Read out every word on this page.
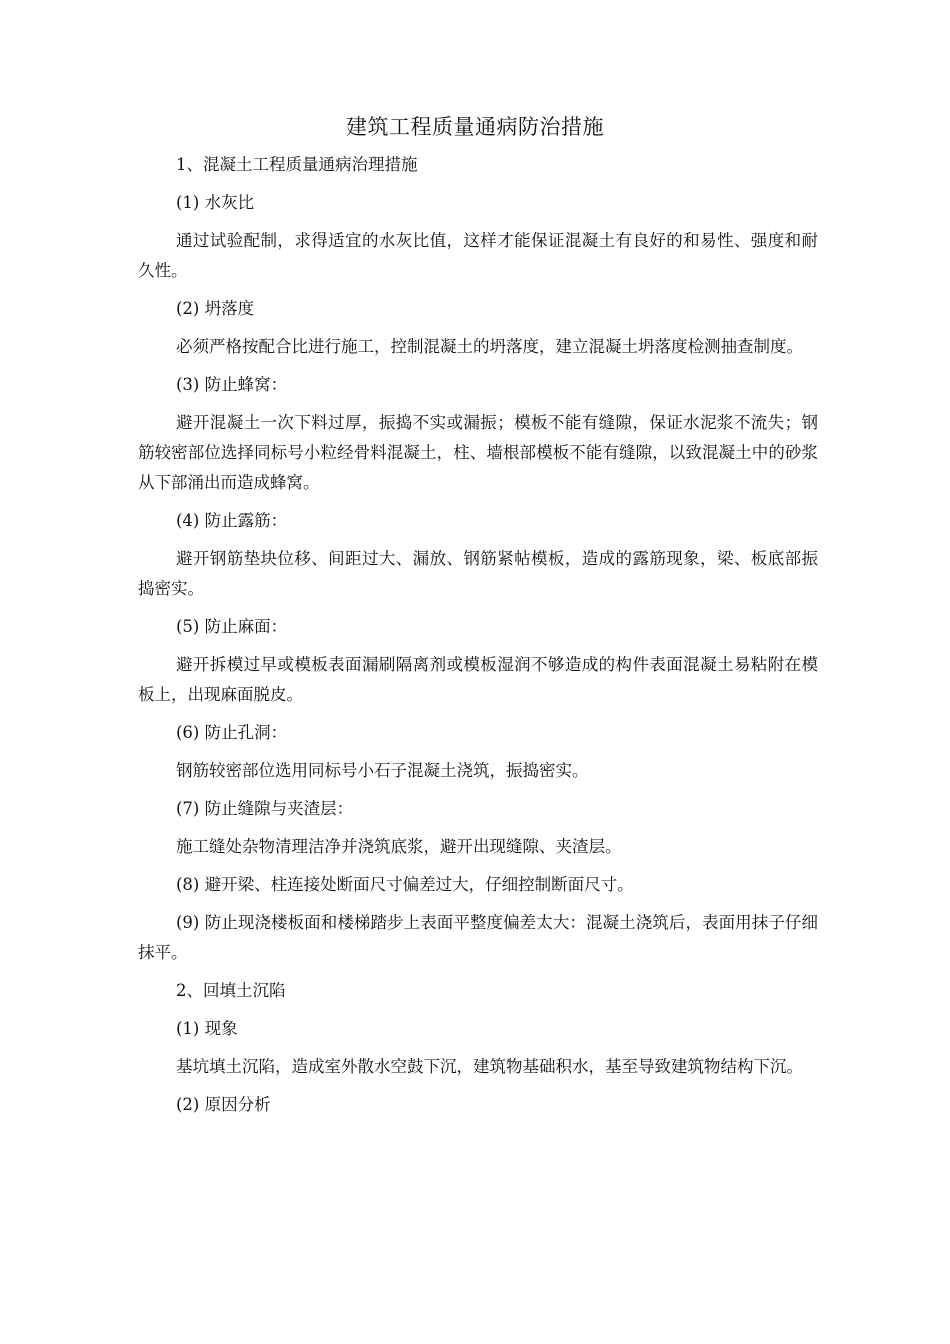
建筑工程质量通病防治措施

1、混凝土工程质量通病治理措施

(1) 水灰比

通过试验配制，求得适宜的水灰比值，这样才能保证混凝土有良好的和易性、强度和耐久性。

(2) 坍落度

必须严格按配合比进行施工，控制混凝土的坍落度，建立混凝土坍落度检测抽查制度。

(3) 防止蜂窝：

避开混凝土一次下料过厚，振捣不实或漏振；模板不能有缝隙，保证水泥浆不流失；钢筋较密部位选择同标号小粒经骨料混凝土，柱、墙根部模板不能有缝隙，以致混凝土中的砂浆从下部涌出而造成蜂窝。

(4) 防止露筋：

避开钢筋垫块位移、间距过大、漏放、钢筋紧帖模板，造成的露筋现象，梁、板底部振捣密实。

(5) 防止麻面：

避开拆模过早或模板表面漏刷隔离剂或模板湿润不够造成的构件表面混凝土易粘附在模板上，出现麻面脱皮。

(6) 防止孔洞：

钢筋较密部位选用同标号小石子混凝土浇筑，振捣密实。

(7) 防止缝隙与夹渣层：

施工缝处杂物清理洁净并浇筑底浆，避开出现缝隙、夹渣层。

(8) 避开梁、柱连接处断面尺寸偏差过大，仔细控制断面尺寸。

(9) 防止现浇楼板面和楼梯踏步上表面平整度偏差太大：混凝土浇筑后，表面用抹子仔细抹平。

2、回填土沉陷

(1) 现象

基坑填土沉陷，造成室外散水空鼓下沉，建筑物基础积水，基至导致建筑物结构下沉。

(2) 原因分析
